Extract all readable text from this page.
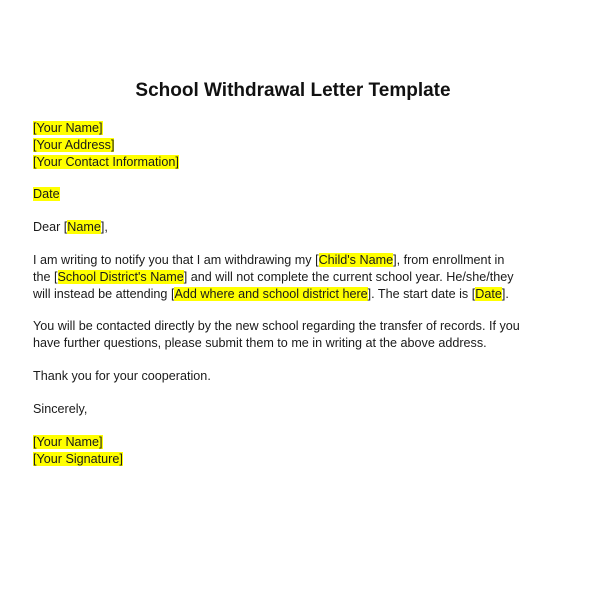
School Withdrawal Letter Template
[Your Name]
[Your Address]
[Your Contact Information]
Date
Dear [Name],
I am writing to notify you that I am withdrawing my [Child's Name], from enrollment in
the [School District's Name] and will not complete the current school year. He/she/they
will instead be attending [Add where and school district here]. The start date is [Date].
You will be contacted directly by the new school regarding the transfer of records. If you
have further questions, please submit them to me in writing at the above address.
Thank you for your cooperation.
Sincerely,
[Your Name]
[Your Signature]
